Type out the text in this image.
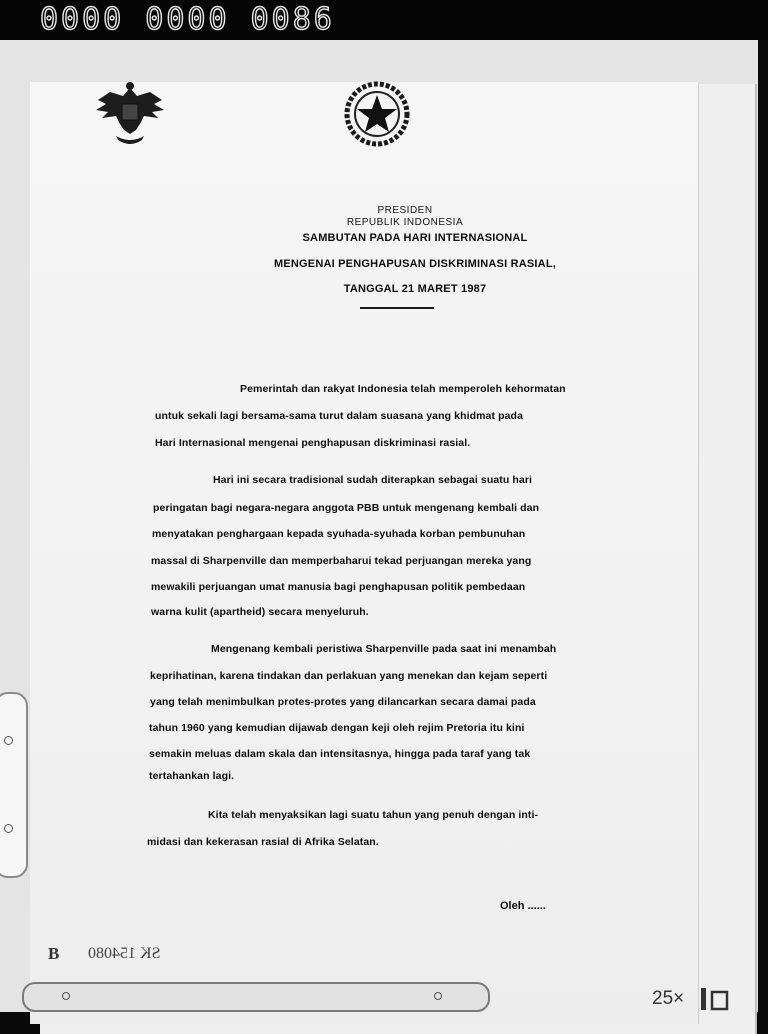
0000 0000 0086
PRESIDEN
REPUBLIK INDONESIA
SAMBUTAN PADA HARI INTERNASIONAL
MENGENAI PENGHAPUSAN DISKRIMINASI RASIAL,
TANGGAL 21 MARET 1987
Pemerintah dan rakyat Indonesia telah memperoleh kehormatan
untuk sekali lagi bersama-sama turut dalam suasana yang khidmat pada
Hari Internasional mengenai penghapusan diskriminasi rasial.
Hari ini secara tradisional sudah diterapkan sebagai suatu hari
peringatan bagi negara-negara anggota PBB untuk mengenang kembali dan
menyatakan penghargaan kepada syuhada-syuhada korban pembunuhan
massal di Sharpenville dan memperbaharui tekad perjuangan mereka yang
mewakili perjuangan umat manusia bagi penghapusan politik pembedaan
warna kulit (apartheid) secara menyeluruh.
Mengenang kembali peristiwa Sharpenville pada saat ini menambah
keprihatinan, karena tindakan dan perlakuan yang menekan dan kejam seperti
yang telah menimbulkan protes-protes yang dilancarkan secara damai pada
tahun 1960 yang kemudian dijawab dengan keji oleh rejim Pretoria itu kini
semakin meluas dalam skala dan intensitasnya, hingga pada taraf yang tak
tertahankan lagi.
Kita telah menyaksikan lagi suatu tahun yang penuh dengan inti-
midasi dan kekerasan rasial di Afrika Selatan.
Oleh ......
B SK 154080
25×
